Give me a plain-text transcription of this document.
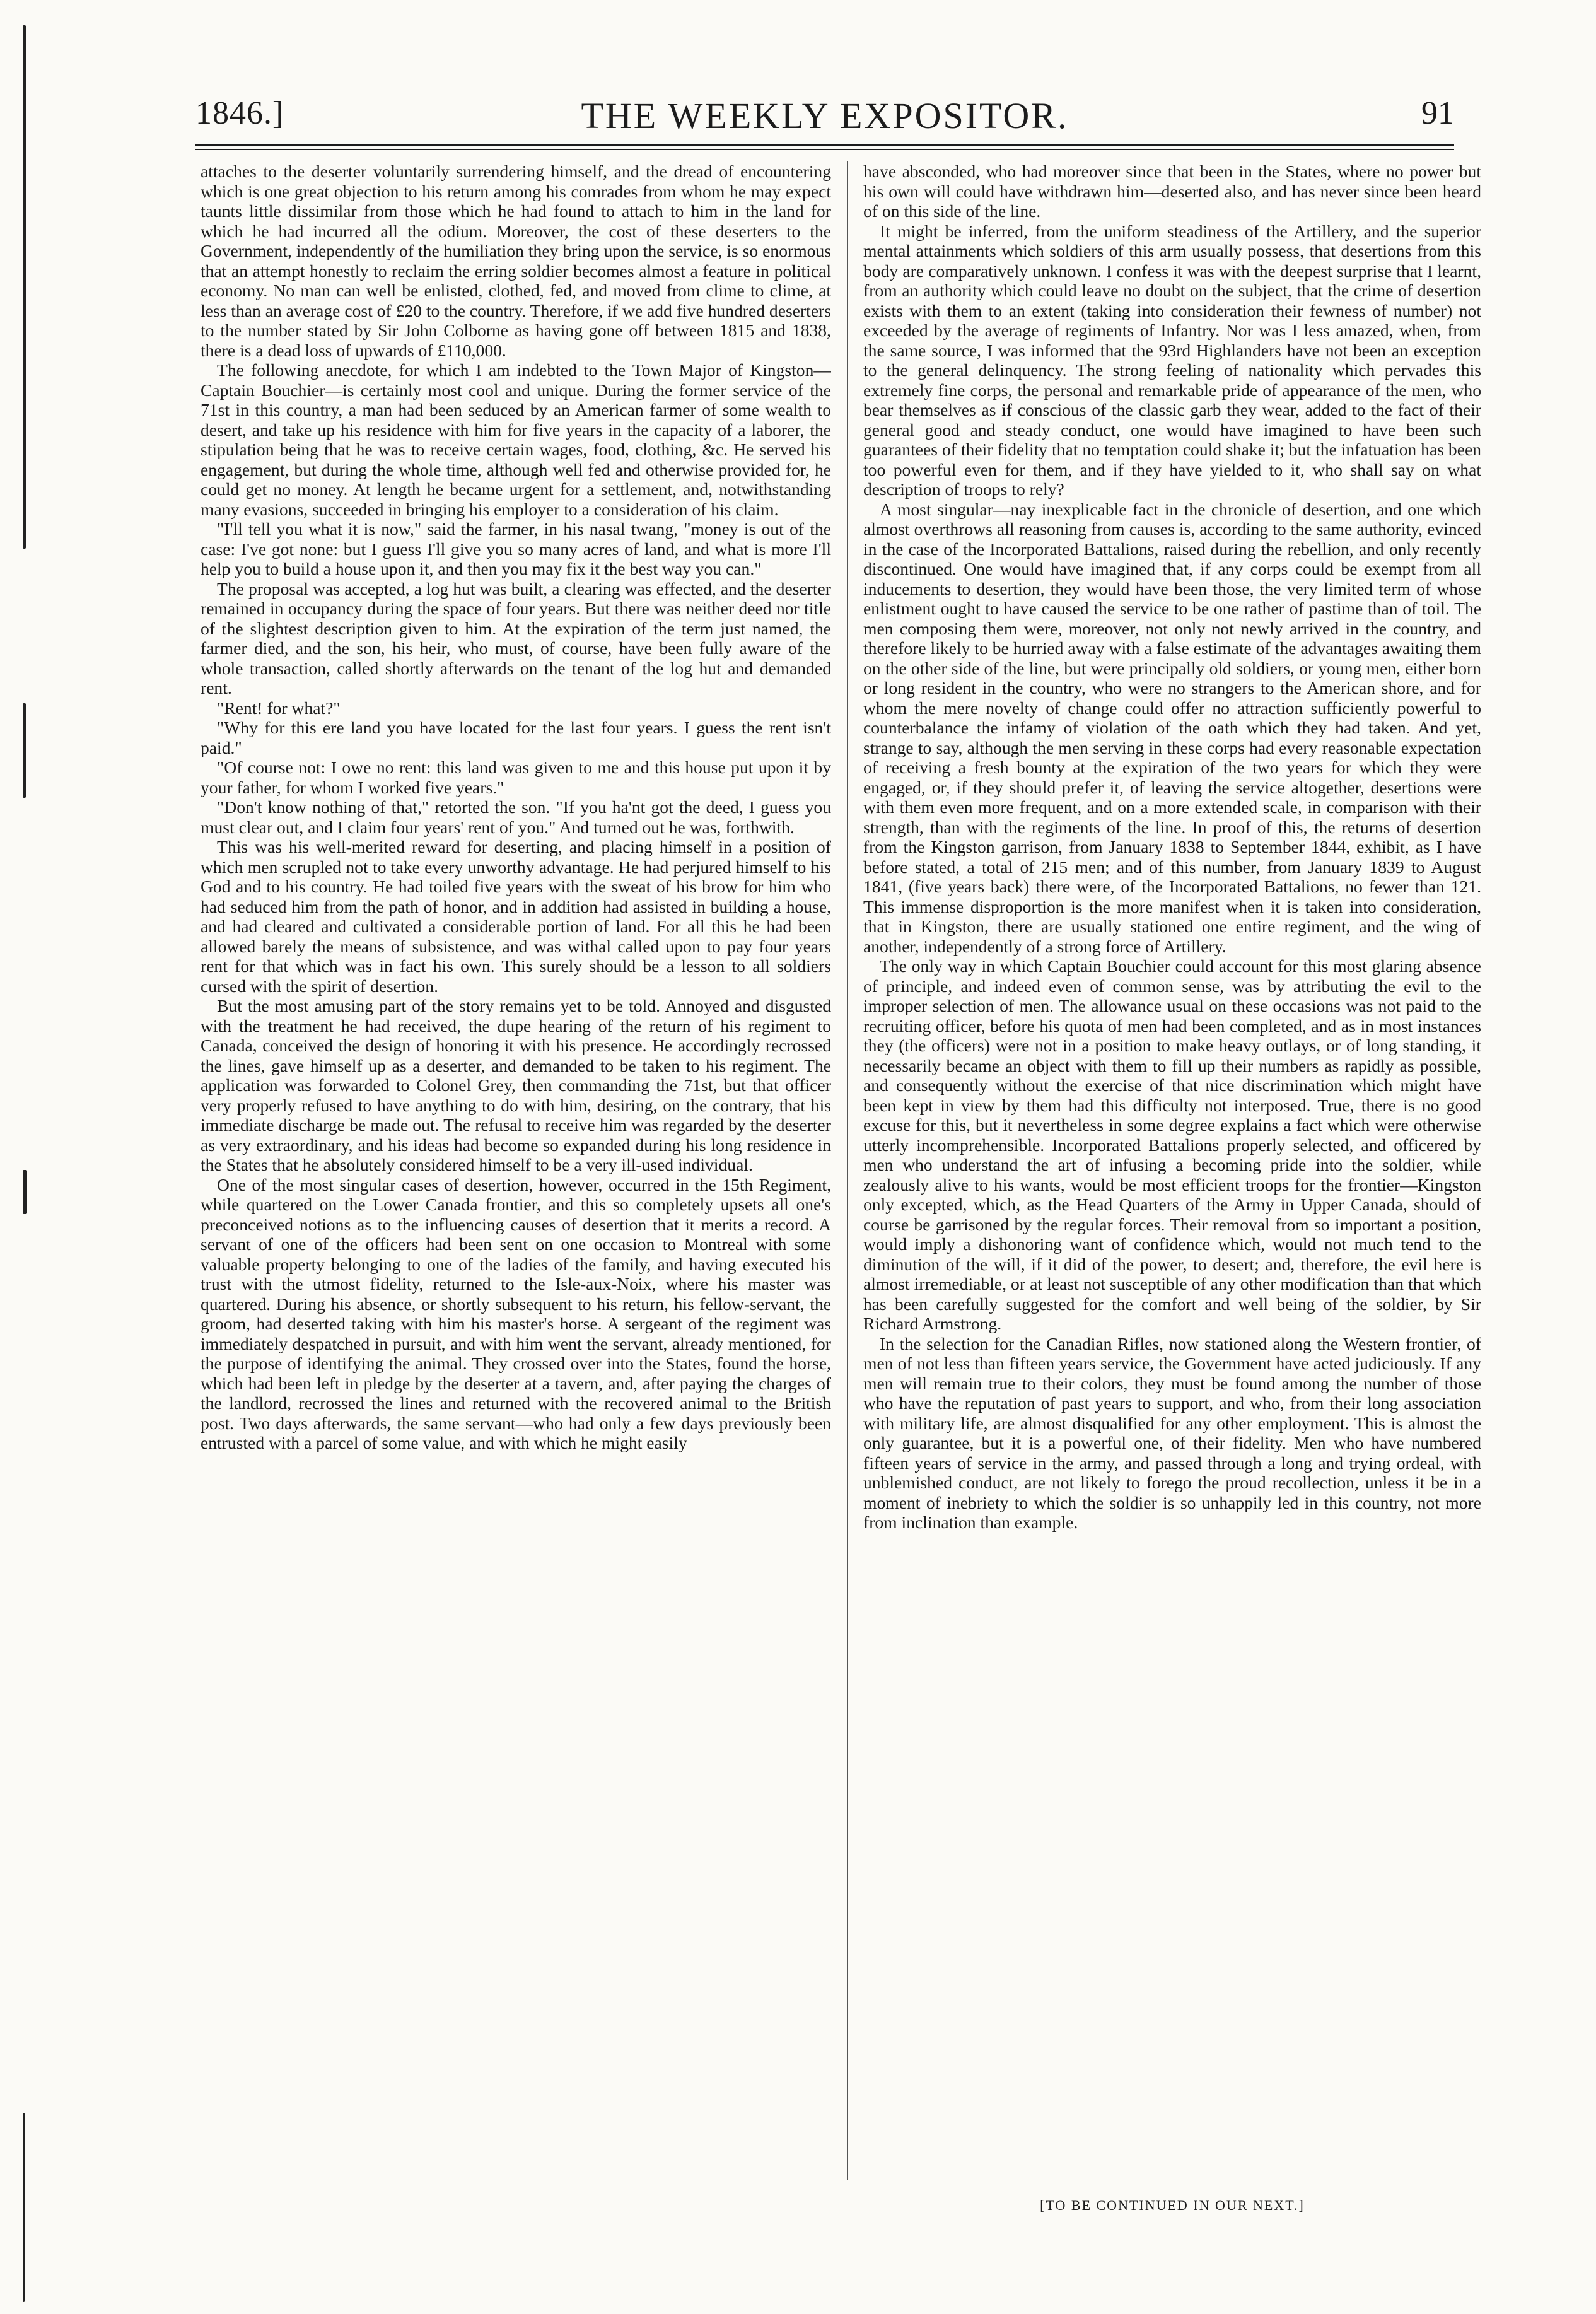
1846.]	THE WEEKLY EXPOSITOR.	91

attaches to the deserter voluntarily surrendering himself, and the dread of encountering which is one great objection to his return among his comrades from whom he may expect taunts little dissimilar from those which he had found to attach to him in the land for which he had incurred all the odium. Moreover, the cost of these deserters to the Government, independently of the humiliation they bring upon the service, is so enormous that an attempt honestly to reclaim the erring soldier becomes almost a feature in political economy. No man can well be enlisted, clothed, fed, and moved from clime to clime, at less than an average cost of £20 to the country. Therefore, if we add five hundred deserters to the number stated by Sir John Colborne as having gone off between 1815 and 1838, there is a dead loss of upwards of £110,000.

The following anecdote, for which I am indebted to the Town Major of Kingston—Captain Bouchier—is certainly most cool and unique. During the former service of the 71st in this country, a man had been seduced by an American farmer of some wealth to desert, and take up his residence with him for five years in the capacity of a laborer, the stipulation being that he was to receive certain wages, food, clothing, &c. He served his engagement, but during the whole time, although well fed and otherwise provided for, he could get no money. At length he became urgent for a settlement, and, notwithstanding many evasions, succeeded in bringing his employer to a consideration of his claim.

"I'll tell you what it is now," said the farmer, in his nasal twang, "money is out of the case: I've got none: but I guess I'll give you so many acres of land, and what is more I'll help you to build a house upon it, and then you may fix it the best way you can."

The proposal was accepted, a log hut was built, a clearing was effected, and the deserter remained in occupancy during the space of four years. But there was neither deed nor title of the slightest description given to him. At the expiration of the term just named, the farmer died, and the son, his heir, who must, of course, have been fully aware of the whole transaction, called shortly afterwards on the tenant of the log hut and demanded rent.

"Rent! for what?"

"Why for this ere land you have located for the last four years. I guess the rent isn't paid."

"Of course not: I owe no rent: this land was given to me and this house put upon it by your father, for whom I worked five years."

"Don't know nothing of that," retorted the son. "If you ha'nt got the deed, I guess you must clear out, and I claim four years' rent of you." And turned out he was, forthwith.

This was his well-merited reward for deserting, and placing himself in a position of which men scrupled not to take every unworthy advantage. He had perjured himself to his God and to his country. He had toiled five years with the sweat of his brow for him who had seduced him from the path of honor, and in addition had assisted in building a house, and had cleared and cultivated a considerable portion of land. For all this he had been allowed barely the means of subsistence, and was withal called upon to pay four years rent for that which was in fact his own. This surely should be a lesson to all soldiers cursed with the spirit of desertion.

But the most amusing part of the story remains yet to be told. Annoyed and disgusted with the treatment he had received, the dupe hearing of the return of his regiment to Canada, conceived the design of honoring it with his presence. He accordingly recrossed the lines, gave himself up as a deserter, and demanded to be taken to his regiment. The application was forwarded to Colonel Grey, then commanding the 71st, but that officer very properly refused to have anything to do with him, desiring, on the contrary, that his immediate discharge be made out. The refusal to receive him was regarded by the deserter as very extraordinary, and his ideas had become so expanded during his long residence in the States that he absolutely considered himself to be a very ill-used individual.

One of the most singular cases of desertion, however, occurred in the 15th Regiment, while quartered on the Lower Canada frontier, and this so completely upsets all one's preconceived notions as to the influencing causes of desertion that it merits a record. A servant of one of the officers had been sent on one occasion to Montreal with some valuable property belonging to one of the ladies of the family, and having executed his trust with the utmost fidelity, returned to the Isle-aux-Noix, where his master was quartered. During his absence, or shortly subsequent to his return, his fellow-servant, the groom, had deserted taking with him his master's horse. A sergeant of the regiment was immediately despatched in pursuit, and with him went the servant, already mentioned, for the purpose of identifying the animal. They crossed over into the States, found the horse, which had been left in pledge by the deserter at a tavern, and, after paying the charges of the landlord, recrossed the lines and returned with the recovered animal to the British post. Two days afterwards, the same servant—who had only a few days previously been entrusted with a parcel of some value, and with which he might easily

have absconded, who had moreover since that been in the States, where no power but his own will could have withdrawn him—deserted also, and has never since been heard of on this side of the line.

It might be inferred, from the uniform steadiness of the Artillery, and the superior mental attainments which soldiers of this arm usually possess, that desertions from this body are comparatively unknown. I confess it was with the deepest surprise that I learnt, from an authority which could leave no doubt on the subject, that the crime of desertion exists with them to an extent (taking into consideration their fewness of number) not exceeded by the average of regiments of Infantry. Nor was I less amazed, when, from the same source, I was informed that the 93rd Highlanders have not been an exception to the general delinquency. The strong feeling of nationality which pervades this extremely fine corps, the personal and remarkable pride of appearance of the men, who bear themselves as if conscious of the classic garb they wear, added to the fact of their general good and steady conduct, one would have imagined to have been such guarantees of their fidelity that no temptation could shake it; but the infatuation has been too powerful even for them, and if they have yielded to it, who shall say on what description of troops to rely?

A most singular—nay inexplicable fact in the chronicle of desertion, and one which almost overthrows all reasoning from causes is, according to the same authority, evinced in the case of the Incorporated Battalions, raised during the rebellion, and only recently discontinued. One would have imagined that, if any corps could be exempt from all inducements to desertion, they would have been those, the very limited term of whose enlistment ought to have caused the service to be one rather of pastime than of toil. The men composing them were, moreover, not only not newly arrived in the country, and therefore likely to be hurried away with a false estimate of the advantages awaiting them on the other side of the line, but were principally old soldiers, or young men, either born or long resident in the country, who were no strangers to the American shore, and for whom the mere novelty of change could offer no attraction sufficiently powerful to counterbalance the infamy of violation of the oath which they had taken. And yet, strange to say, although the men serving in these corps had every reasonable expectation of receiving a fresh bounty at the expiration of the two years for which they were engaged, or, if they should prefer it, of leaving the service altogether, desertions were with them even more frequent, and on a more extended scale, in comparison with their strength, than with the regiments of the line. In proof of this, the returns of desertion from the Kingston garrison, from January 1838 to September 1844, exhibit, as I have before stated, a total of 215 men; and of this number, from January 1839 to August 1841, (five years back) there were, of the Incorporated Battalions, no fewer than 121. This immense disproportion is the more manifest when it is taken into consideration, that in Kingston, there are usually stationed one entire regiment, and the wing of another, independently of a strong force of Artillery.

The only way in which Captain Bouchier could account for this most glaring absence of principle, and indeed even of common sense, was by attributing the evil to the improper selection of men. The allowance usual on these occasions was not paid to the recruiting officer, before his quota of men had been completed, and as in most instances they (the officers) were not in a position to make heavy outlays, or of long standing, it necessarily became an object with them to fill up their numbers as rapidly as possible, and consequently without the exercise of that nice discrimination which might have been kept in view by them had this difficulty not interposed. True, there is no good excuse for this, but it nevertheless in some degree explains a fact which were otherwise utterly incomprehensible. Incorporated Battalions properly selected, and officered by men who understand the art of infusing a becoming pride into the soldier, while zealously alive to his wants, would be most efficient troops for the frontier—Kingston only excepted, which, as the Head Quarters of the Army in Upper Canada, should of course be garrisoned by the regular forces. Their removal from so important a position, would imply a dishonoring want of confidence which, would not much tend to the diminution of the will, if it did of the power, to desert; and, therefore, the evil here is almost irremediable, or at least not susceptible of any other modification than that which has been carefully suggested for the comfort and well being of the soldier, by Sir Richard Armstrong.

In the selection for the Canadian Rifles, now stationed along the Western frontier, of men of not less than fifteen years service, the Government have acted judiciously. If any men will remain true to their colors, they must be found among the number of those who have the reputation of past years to support, and who, from their long association with military life, are almost disqualified for any other employment. This is almost the only guarantee, but it is a powerful one, of their fidelity. Men who have numbered fifteen years of service in the army, and passed through a long and trying ordeal, with unblemished conduct, are not likely to forego the proud recollection, unless it be in a moment of inebriety to which the soldier is so unhappily led in this country, not more from inclination than example.

[TO BE CONTINUED IN OUR NEXT.]
